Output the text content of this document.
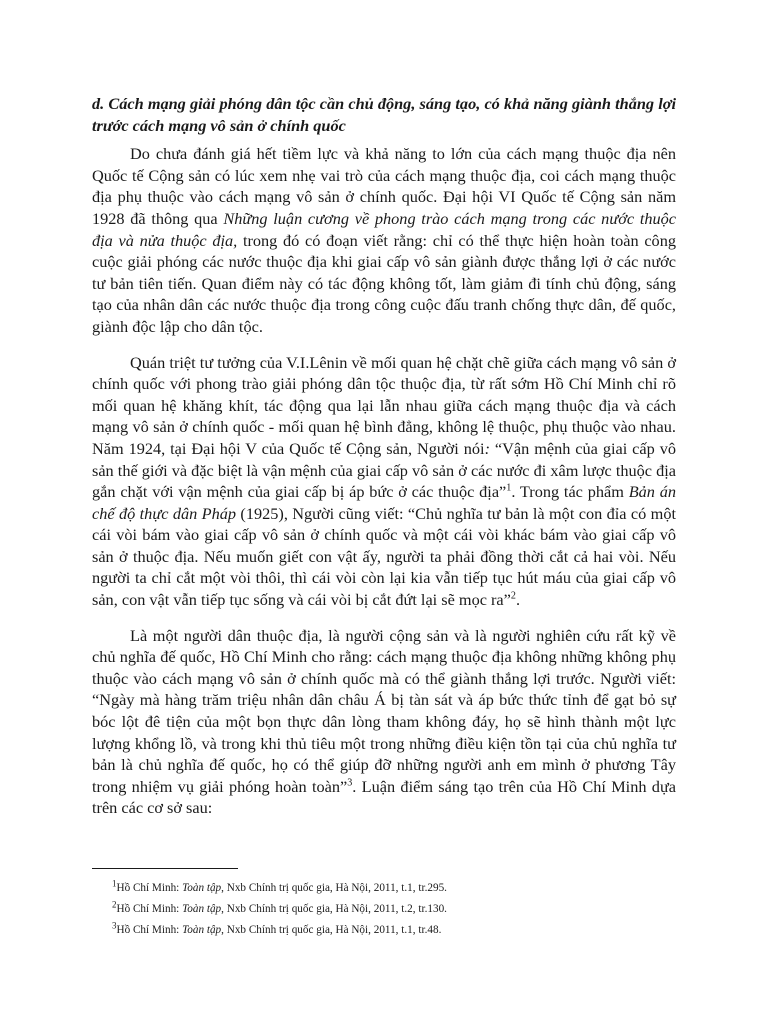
d. Cách mạng giải phóng dân tộc cần chủ động, sáng tạo, có khả năng giành thắng lợi trước cách mạng vô sản ở chính quốc

Do chưa đánh giá hết tiềm lực và khả năng to lớn của cách mạng thuộc địa nên Quốc tế Cộng sản có lúc xem nhẹ vai trò của cách mạng thuộc địa, coi cách mạng thuộc địa phụ thuộc vào cách mạng vô sản ở chính quốc. Đại hội VI Quốc tế Cộng sản năm 1928 đã thông qua Những luận cương về phong trào cách mạng trong các nước thuộc địa và nửa thuộc địa, trong đó có đoạn viết rằng: chỉ có thể thực hiện hoàn toàn công cuộc giải phóng các nước thuộc địa khi giai cấp vô sản giành được thắng lợi ở các nước tư bản tiên tiến. Quan điểm này có tác động không tốt, làm giảm đi tính chủ động, sáng tạo của nhân dân các nước thuộc địa trong công cuộc đấu tranh chống thực dân, đế quốc, giành độc lập cho dân tộc.

Quán triệt tư tưởng của V.I.Lênin về mối quan hệ chặt chẽ giữa cách mạng vô sản ở chính quốc với phong trào giải phóng dân tộc thuộc địa, từ rất sớm Hồ Chí Minh chỉ rõ mối quan hệ khăng khít, tác động qua lại lẫn nhau giữa cách mạng thuộc địa và cách mạng vô sản ở chính quốc - mối quan hệ bình đẳng, không lệ thuộc, phụ thuộc vào nhau. Năm 1924, tại Đại hội V của Quốc tế Cộng sản, Người nói: “Vận mệnh của giai cấp vô sản thế giới và đặc biệt là vận mệnh của giai cấp vô sản ở các nước đi xâm lược thuộc địa gắn chặt với vận mệnh của giai cấp bị áp bức ở các thuộc địa”$^1$. Trong tác phẩm Bản án chế độ thực dân Pháp (1925), Người cũng viết: “Chủ nghĩa tư bản là một con đỉa có một cái vòi bám vào giai cấp vô sản ở chính quốc và một cái vòi khác bám vào giai cấp vô sản ở thuộc địa. Nếu muốn giết con vật ấy, người ta phải đồng thời cắt cả hai vòi. Nếu người ta chỉ cắt một vòi thôi, thì cái vòi còn lại kia vẫn tiếp tục hút máu của giai cấp vô sản, con vật vẫn tiếp tục sống và cái vòi bị cắt đứt lại sẽ mọc ra”$^2$.

Là một người dân thuộc địa, là người cộng sản và là người nghiên cứu rất kỹ về chủ nghĩa đế quốc, Hồ Chí Minh cho rằng: cách mạng thuộc địa không những không phụ thuộc vào cách mạng vô sản ở chính quốc mà có thể giành thắng lợi trước. Người viết: “Ngày mà hàng trăm triệu nhân dân châu Á bị tàn sát và áp bức thức tỉnh để gạt bỏ sự bóc lột đê tiện của một bọn thực dân lòng tham không đáy, họ sẽ hình thành một lực lượng khổng lồ, và trong khi thủ tiêu một trong những điều kiện tồn tại của chủ nghĩa tư bản là chủ nghĩa đế quốc, họ có thể giúp đỡ những người anh em mình ở phương Tây trong nhiệm vụ giải phóng hoàn toàn”$^3$. Luận điểm sáng tạo trên của Hồ Chí Minh dựa trên các cơ sở sau:

$^1$Hồ Chí Minh: Toàn tập, Nxb Chính trị quốc gia, Hà Nội, 2011, t.1, tr.295.
$^2$Hồ Chí Minh: Toàn tập, Nxb Chính trị quốc gia, Hà Nội, 2011, t.2, tr.130.
$^3$Hồ Chí Minh: Toàn tập, Nxb Chính trị quốc gia, Hà Nội, 2011, t.1, tr.48.
